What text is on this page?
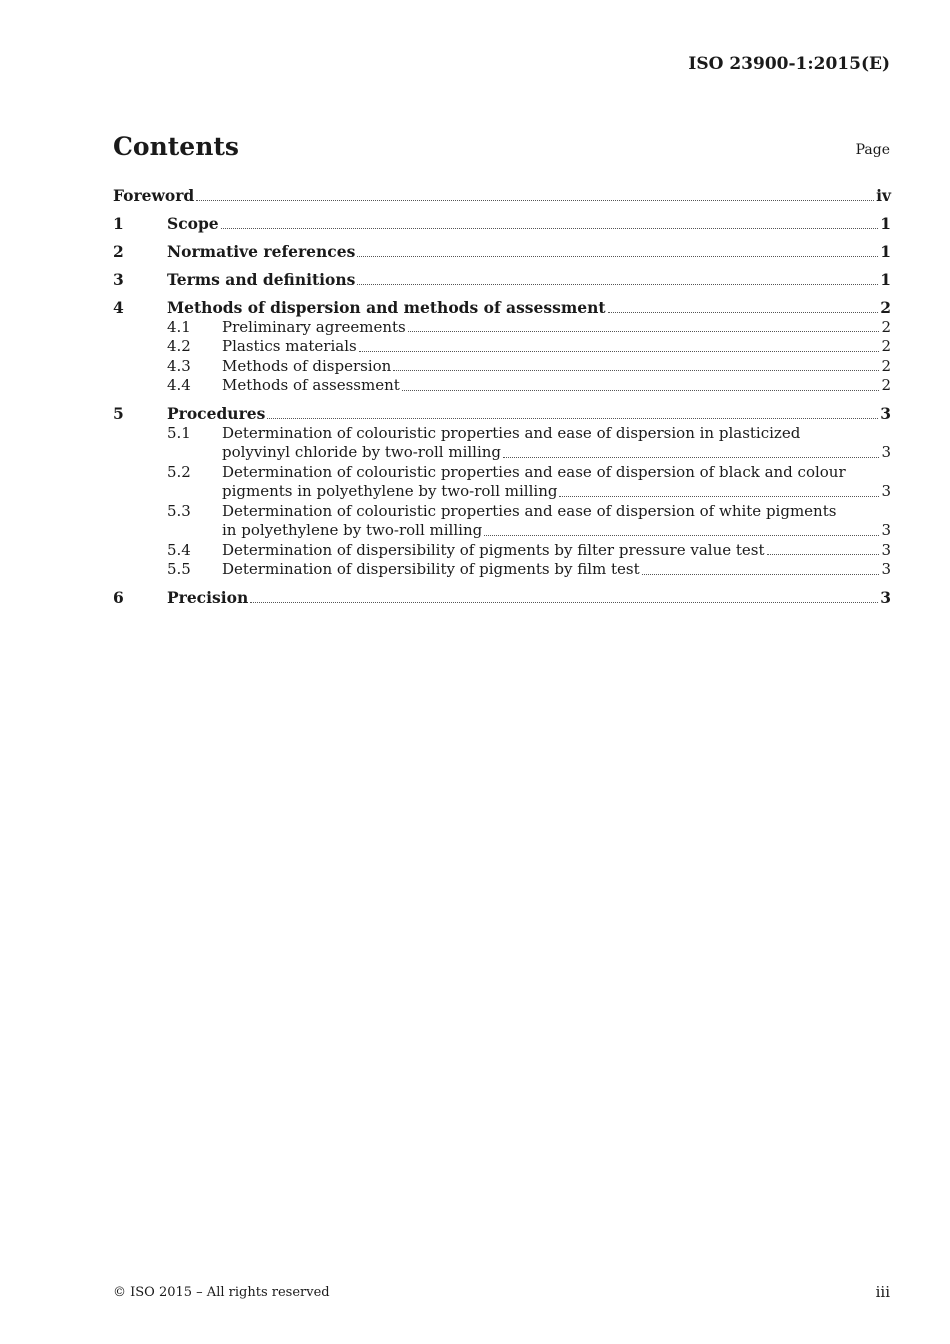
ISO 23900-1:2015(E)
Contents	Page
Foreword	iv
1	Scope	1
2	Normative references	1
3	Terms and definitions	1
4	Methods of dispersion and methods of assessment	2
4.1	Preliminary agreements	2
4.2	Plastics materials	2
4.3	Methods of dispersion	2
4.4	Methods of assessment	2
5	Procedures	3
5.1	Determination of colouristic properties and ease of dispersion in plasticized
polyvinyl chloride by two-roll milling	3
5.2	Determination of colouristic properties and ease of dispersion of black and colour
pigments in polyethylene by two-roll milling	3
5.3	Determination of colouristic properties and ease of dispersion of white pigments
in polyethylene by two-roll milling	3
5.4	Determination of dispersibility of pigments by filter pressure value test	3
5.5	Determination of dispersibility of pigments by film test	3
6	Precision	3
© ISO 2015 – All rights reserved	iii
